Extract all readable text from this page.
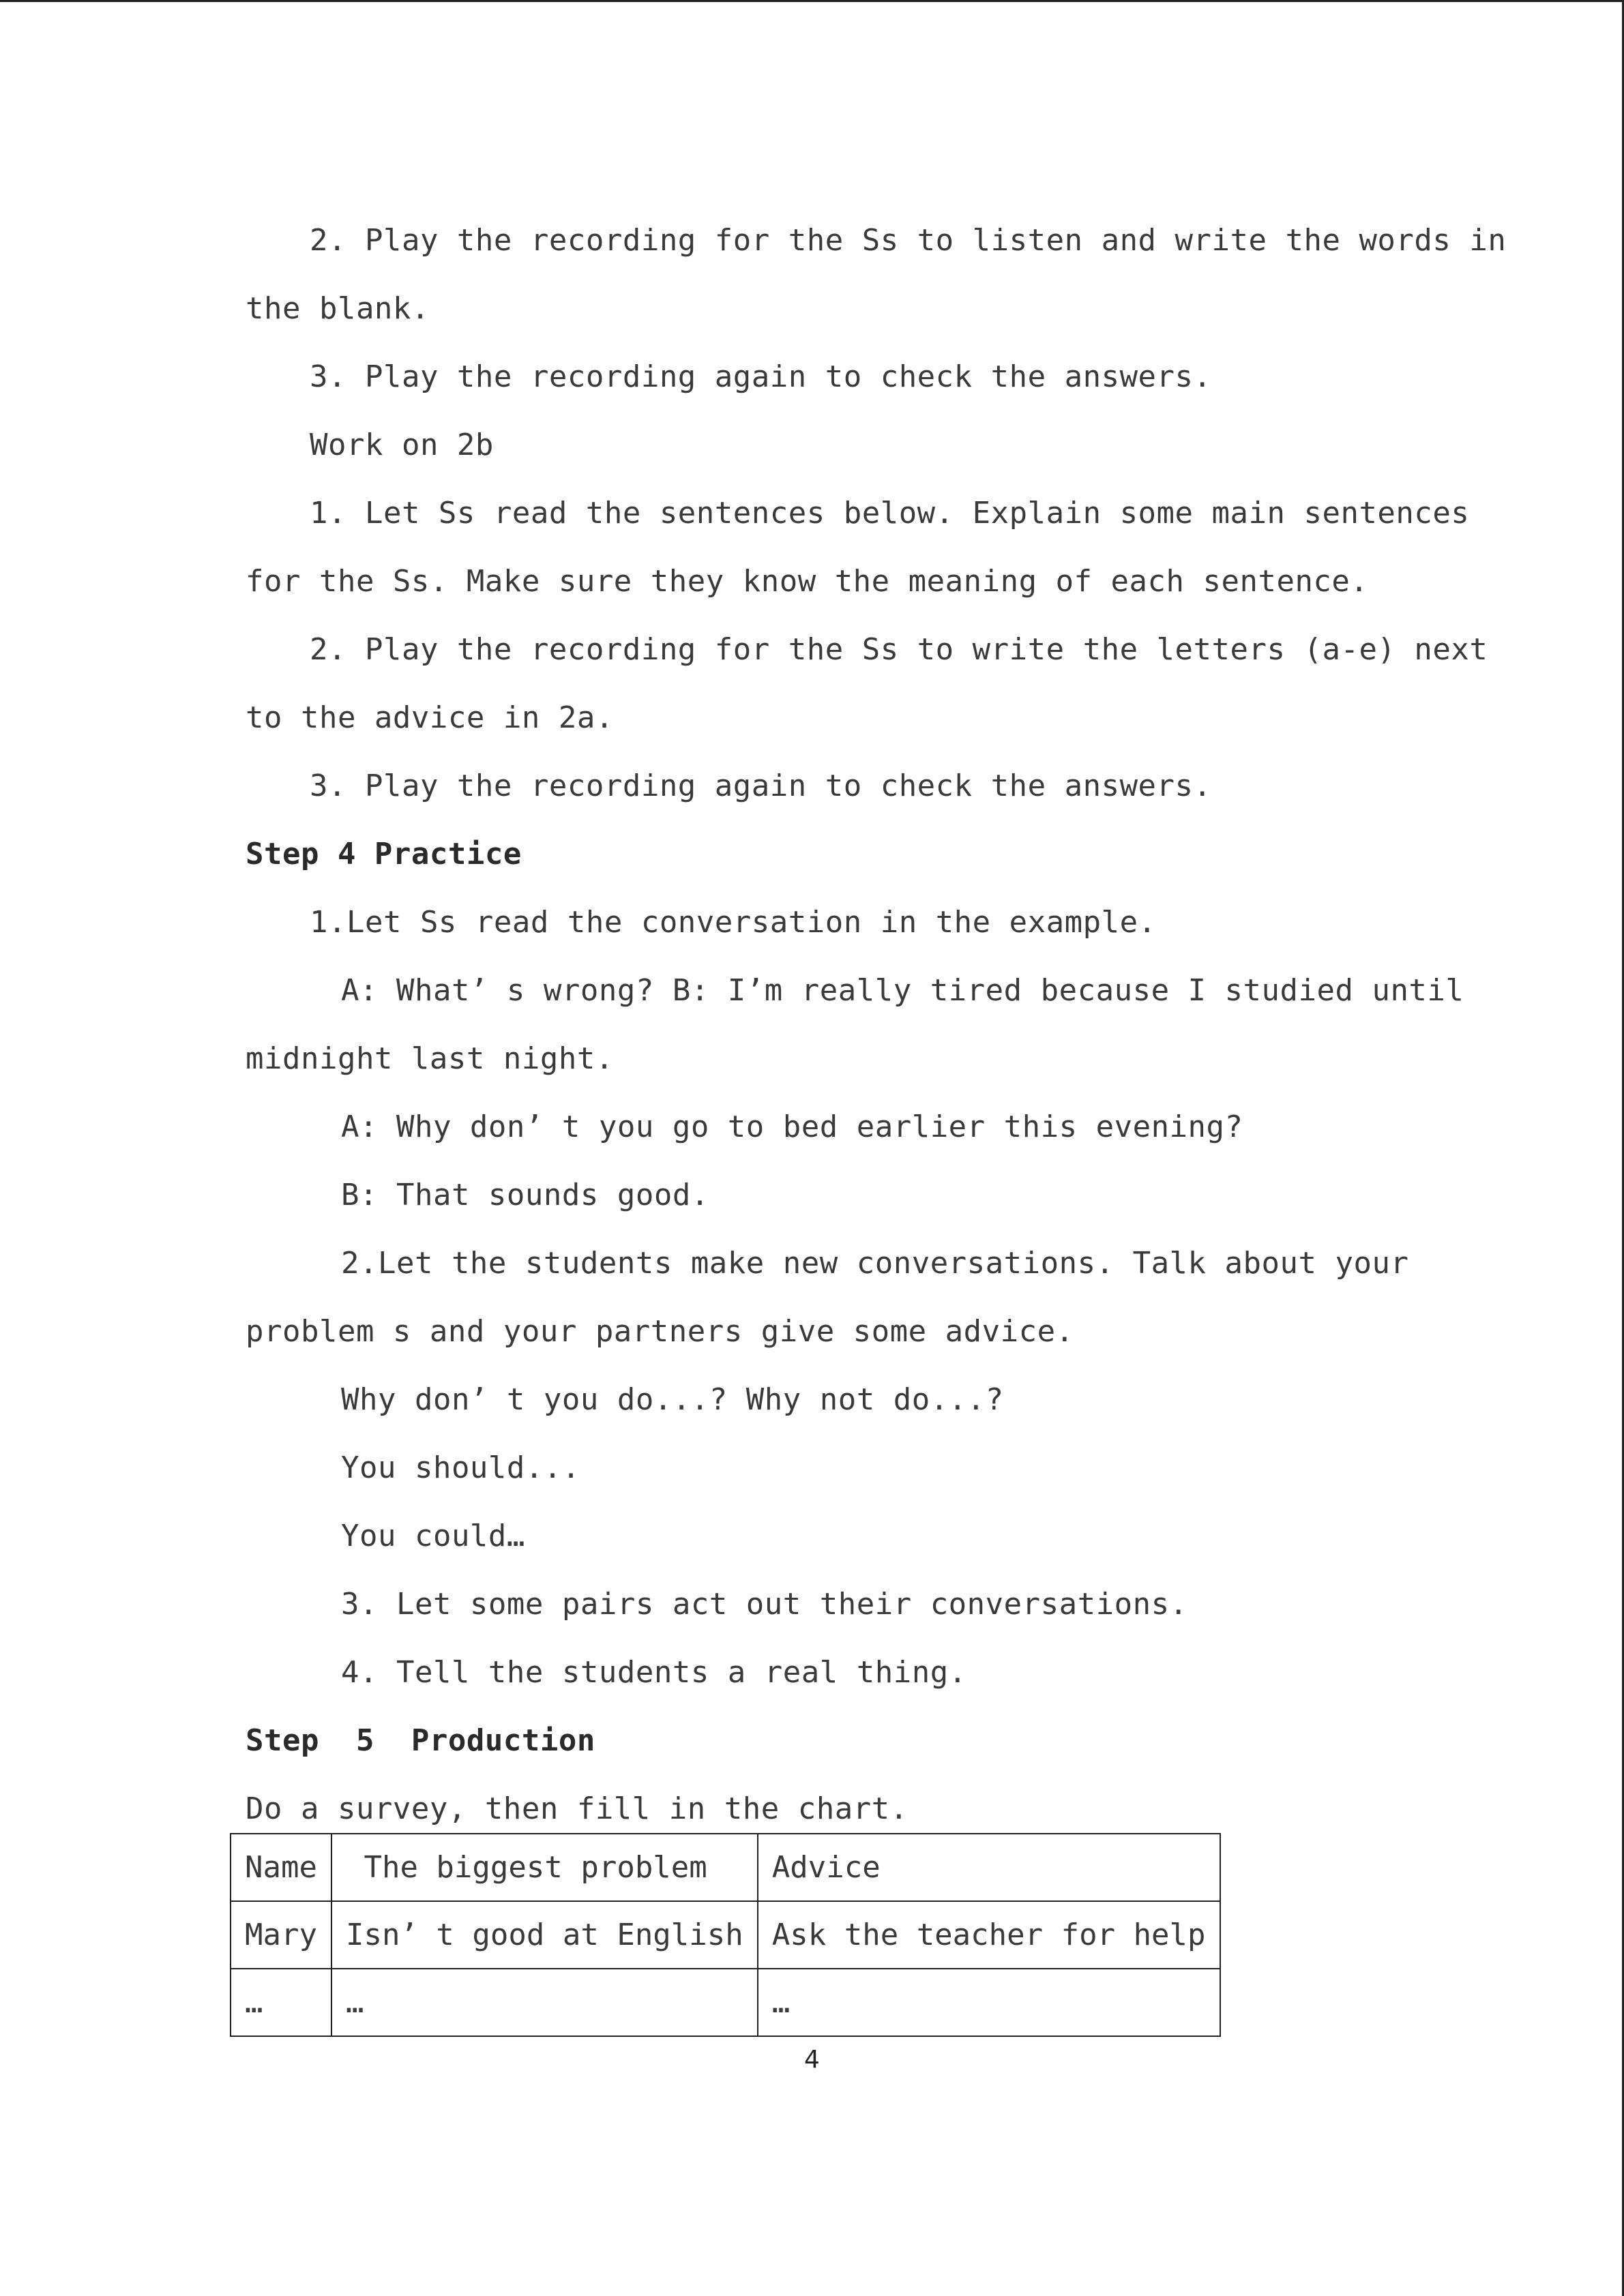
2. Play the recording for the Ss to listen and write the words in
the blank.
3. Play the recording again to check the answers.
Work on 2b
1. Let Ss read the sentences below. Explain some main sentences
for the Ss. Make sure they know the meaning of each sentence.
2. Play the recording for the Ss to write the letters (a-e) next
to the advice in 2a.
3. Play the recording again to check the answers.
Step 4 Practice
1.Let Ss read the conversation in the example.
A: What’ s wrong? B: I’m really tired because I studied until
midnight last night.
A: Why don’ t you go to bed earlier this evening?
B: That sounds good.
2.Let the students make new conversations. Talk about your
problem s and your partners give some advice.
Why don’ t you do...? Why not do...?
You should...
You could…
3. Let some pairs act out their conversations.
4. Tell the students a real thing.
Step  5  Production
Do a survey, then fill in the chart.
Name	The biggest problem	Advice
Mary	Isn’ t good at English	Ask the teacher for help
…	…	…
4
